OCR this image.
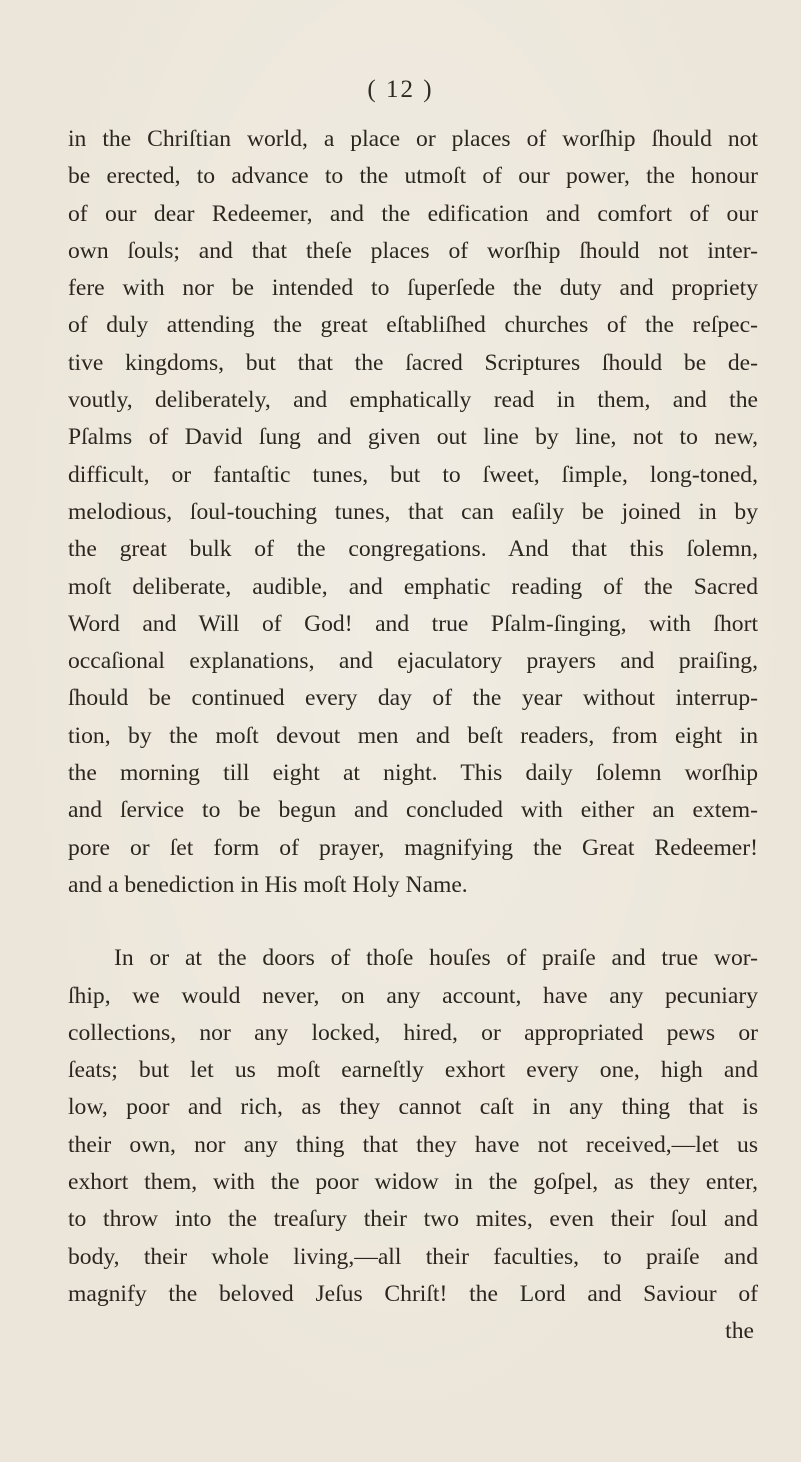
( 12 )
in the Chriſtian world, a place or places of worſhip ſhould not
be erected, to advance to the utmoſt of our power, the honour
of our dear Redeemer, and the edification and comfort of our
own ſouls; and that theſe places of worſhip ſhould not inter-
fere with nor be intended to ſuperſede the duty and propriety
of duly attending the great eſtabliſhed churches of the reſpec-
tive kingdoms, but that the ſacred Scriptures ſhould be de-
voutly, deliberately, and emphatically read in them, and the
Pſalms of David ſung and given out line by line, not to new,
difficult, or fantaſtic tunes, but to ſweet, ſimple, long-toned,
melodious, ſoul-touching tunes, that can eaſily be joined in by
the great bulk of the congregations. And that this ſolemn,
moſt deliberate, audible, and emphatic reading of the Sacred
Word and Will of God! and true Pſalm-ſinging, with ſhort
occaſional explanations, and ejaculatory prayers and praiſing,
ſhould be continued every day of the year without interrup-
tion, by the moſt devout men and beſt readers, from eight in
the morning till eight at night. This daily ſolemn worſhip
and ſervice to be begun and concluded with either an extem-
pore or ſet form of prayer, magnifying the Great Redeemer!
and a benediction in His moſt Holy Name.
In or at the doors of thoſe houſes of praiſe and true wor-
ſhip, we would never, on any account, have any pecuniary
collections, nor any locked, hired, or appropriated pews or
ſeats; but let us moſt earneſtly exhort every one, high and
low, poor and rich, as they cannot caſt in any thing that is
their own, nor any thing that they have not received,—let us
exhort them, with the poor widow in the goſpel, as they enter,
to throw into the treaſury their two mites, even their ſoul and
body, their whole living,—all their faculties, to praiſe and
magnify the beloved Jeſus Chriſt! the Lord and Saviour of
the
